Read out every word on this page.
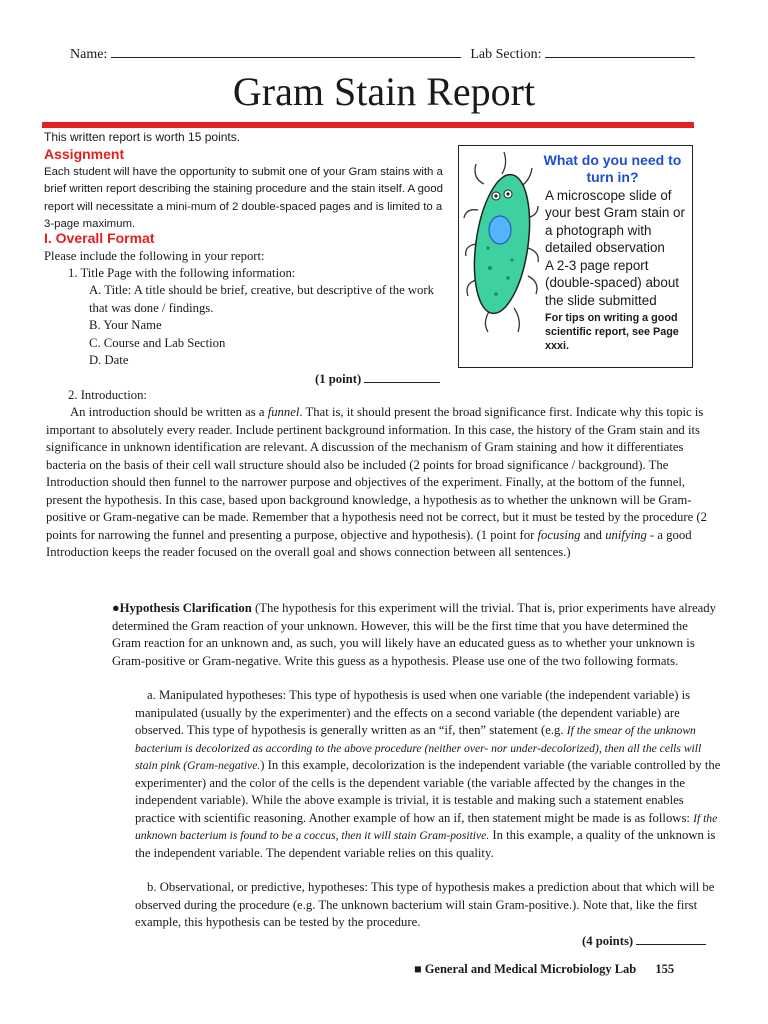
Name:	Lab Section:
Gram Stain Report
This written report is worth 15 points.
Assignment

Each student will have the opportunity to submit one of your Gram stains with a brief written report describing the staining procedure and the stain itself. A good report will necessitate a mini-mum of 2 double-spaced pages and is limited to a 3-page maximum.

I. Overall Format
Please include the following in your report:
1. Title Page with the following information:

A. Title: A title should be brief, creative, but descriptive of the work that was done / findings.

B. Your Name
C. Course and Lab Section
D. Date
(1 point)
2. Introduction:
What do you need to turn in?

A microscope slide of your best Gram stain or a photograph with detailed observation

A 2-3 page report (double-spaced) about the slide submitted

For tips on writing a good scientific report, see Page xxxi.

An introduction should be written as a funnel. That is, it should present the broad significance first. Indicate why this topic is important to absolutely every reader. Include pertinent background information. In this case, the history of the Gram stain and its significance in unknown identification are relevant. A discussion of the mechanism of Gram staining and how it differentiates bacteria on the basis of their cell wall structure should also be included (2 points for broad significance / background). The Introduction should then funnel to the narrower purpose and objectives of the experiment. Finally, at the bottom of the funnel, present the hypothesis. In this case, based upon background knowledge, a hypothesis as to whether the unknown will be Gram-positive or Gram-negative can be made. Remember that a hypothesis need not be correct, but it must be tested by the procedure (2 points for narrowing the funnel and presenting a purpose, objective and hypothesis). (1 point for focusing and unifying - a good Introduction keeps the reader focused on the overall goal and shows connection between all sentences.)

●Hypothesis Clarification (The hypothesis for this experiment will the trivial. That is, prior experiments have already determined the Gram reaction of your unknown. However, this will be the first time that you have determined the Gram reaction for an unknown and, as such, you will likely have an educated guess as to whether your unknown is Gram-positive or Gram-negative. Write this guess as a hypothesis. Please use one of the two following formats.

a. Manipulated hypotheses: This type of hypothesis is used when one variable (the independent variable) is manipulated (usually by the experimenter) and the effects on a second variable (the dependent variable) are observed. This type of hypothesis is generally written as an “if, then” statement (e.g. If the smear of the unknown bacterium is decolorized as according to the above procedure (neither over- nor under-decolorized), then all the cells will stain pink (Gram-negative.) In this example, decolorization is the independent variable (the variable controlled by the experimenter) and the color of the cells is the dependent variable (the variable affected by the changes in the independent variable). While the above example is trivial, it is testable and making such a statement enables practice with scientific reasoning. Another example of how an if, then statement might be made is as follows: If the unknown bacterium is found to be a coccus, then it will stain Gram-positive. In this example, a quality of the unknown is the independent variable. The dependent variable relies on this quality.

b. Observational, or predictive, hypotheses: This type of hypothesis makes a prediction about that which will be observed during the procedure (e.g. The unknown bacterium will stain Gram-positive.). Note that, like the first example, this hypothesis can be tested by the procedure.

(4 points)
■ General and Medical Microbiology Lab 155
